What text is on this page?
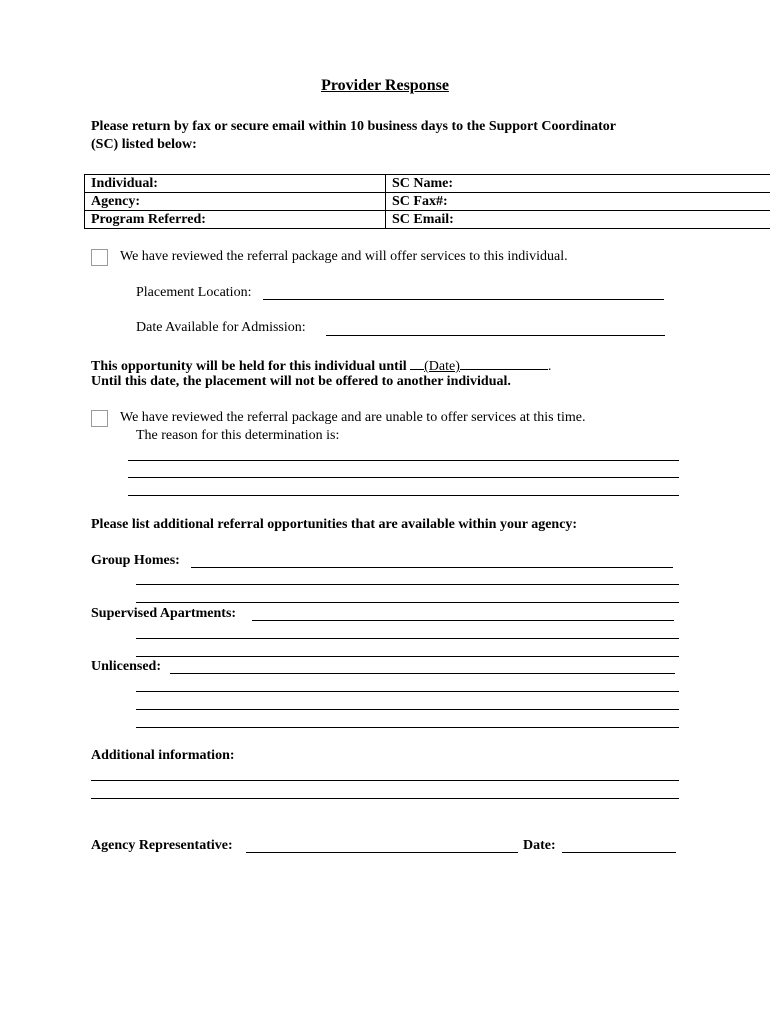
Provider Response
Please return by fax or secure email within 10 business days to the Support Coordinator
(SC) listed below:
Individual:	SC Name:
Agency:	SC Fax#:
Program Referred:	SC Email:
We have reviewed the referral package and will offer services to this individual.
Placement Location:
Date Available for Admission:
This opportunity will be held for this individual until (Date)	.
Until this date, the placement will not be offered to another individual.
We have reviewed the referral package and are unable to offer services at this time.
The reason for this determination is:
Please list additional referral opportunities that are available within your agency:
Group Homes:
Supervised Apartments:
Unlicensed:
Additional information:
Agency Representative:	Date:
